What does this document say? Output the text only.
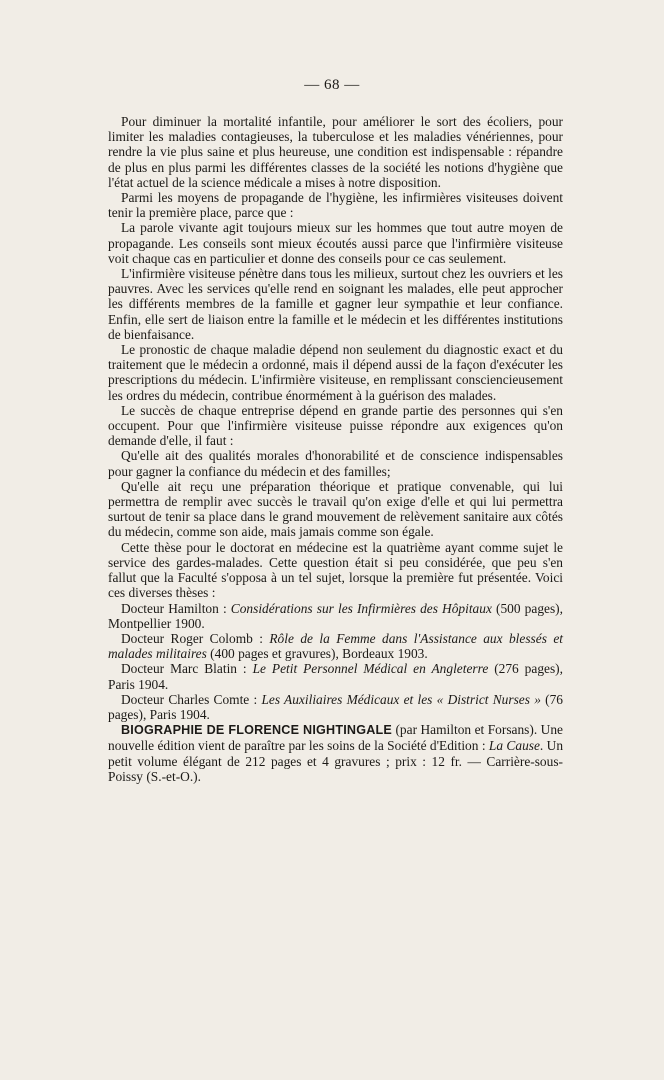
— 68 —

Pour diminuer la mortalité infantile, pour améliorer le sort des écoliers, pour limiter les maladies contagieuses, la tuberculose et les maladies vénériennes, pour rendre la vie plus saine et plus heureuse, une condition est indispensable : répandre de plus en plus parmi les différentes classes de la société les notions d'hygiène que l'état actuel de la science médicale a mises à notre disposition.

Parmi les moyens de propagande de l'hygiène, les infirmières visiteuses doivent tenir la première place, parce que :

La parole vivante agit toujours mieux sur les hommes que tout autre moyen de propagande. Les conseils sont mieux écoutés aussi parce que l'infirmière visiteuse voit chaque cas en particulier et donne des conseils pour ce cas seulement.

L'infirmière visiteuse pénètre dans tous les milieux, surtout chez les ouvriers et les pauvres. Avec les services qu'elle rend en soignant les malades, elle peut approcher les différents membres de la famille et gagner leur sympathie et leur confiance. Enfin, elle sert de liaison entre la famille et le médecin et les différentes institutions de bienfaisance.

Le pronostic de chaque maladie dépend non seulement du diagnostic exact et du traitement que le médecin a ordonné, mais il dépend aussi de la façon d'exécuter les prescriptions du médecin. L'infirmière visiteuse, en remplissant consciencieusement les ordres du médecin, contribue énormément à la guérison des malades.

Le succès de chaque entreprise dépend en grande partie des personnes qui s'en occupent. Pour que l'infirmière visiteuse puisse répondre aux exigences qu'on demande d'elle, il faut :

Qu'elle ait des qualités morales d'honorabilité et de conscience indispensables pour gagner la confiance du médecin et des familles;

Qu'elle ait reçu une préparation théorique et pratique convenable, qui lui permettra de remplir avec succès le travail qu'on exige d'elle et qui lui permettra surtout de tenir sa place dans le grand mouvement de relèvement sanitaire aux côtés du médecin, comme son aide, mais jamais comme son égale.

Cette thèse pour le doctorat en médecine est la quatrième ayant comme sujet le service des gardes-malades. Cette question était si peu considérée, que peu s'en fallut que la Faculté s'opposa à un tel sujet, lorsque la première fut présentée. Voici ces diverses thèses :

Docteur Hamilton : Considérations sur les Infirmières des Hôpitaux (500 pages), Montpellier 1900.

Docteur Roger Colomb : Rôle de la Femme dans l'Assistance aux blessés et malades militaires (400 pages et gravures), Bordeaux 1903.

Docteur Marc Blatin : Le Petit Personnel Médical en Angleterre (276 pages), Paris 1904.

Docteur Charles Comte : Les Auxiliaires Médicaux et les « District Nurses » (76 pages), Paris 1904.

BIOGRAPHIE DE FLORENCE NIGHTINGALE (par Hamilton et Forsans). Une nouvelle édition vient de paraître par les soins de la Société d'Edition : La Cause. Un petit volume élégant de 212 pages et 4 gravures ; prix : 12 fr. — Carrière-sous-Poissy (S.-et-O.).
